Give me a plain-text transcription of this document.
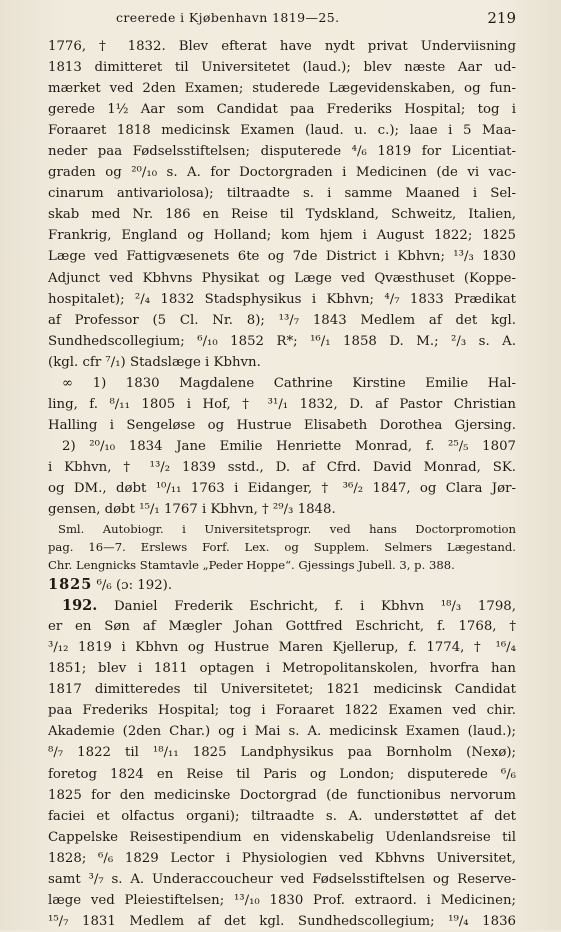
creerede i Kjøbenhavn 1819—25.	219
1776, † 1832. Blev efterat have nydt privat Underviisning
1813 dimitteret til Universitetet (laud.); blev næste Aar ud-
mærket ved 2den Examen; studerede Lægevidenskaben, og fun-
gerede 1½ Aar som Candidat paa Frederiks Hospital; tog i
Foraaret 1818 medicinsk Examen (laud. u. c.); laae i 5 Maa-
neder paa Fødselsstiftelsen; disputerede ⁴/₆ 1819 for Licentiat-
graden og ²⁰/₁₀ s. A. for Doctorgraden i Medicinen (de vi vac-
cinarum antivariolosa); tiltraadte s. i samme Maaned i Sel-
skab med Nr. 186 en Reise til Tydskland, Schweitz, Italien,
Frankrig, England og Holland; kom hjem i August 1822; 1825
Læge ved Fattigvæsenets 6te og 7de District i Kbhvn; ¹³/₃ 1830
Adjunct ved Kbhvns Physikat og Læge ved Qvæsthuset (Koppe-
hospitalet); ²/₄ 1832 Stadsphysikus i Kbhvn; ⁴/₇ 1833 Prædikat
af Professor (5 Cl. Nr. 8); ¹³/₇ 1843 Medlem af det kgl.
Sundhedscollegium; ⁶/₁₀ 1852 R*; ¹⁶/₁ 1858 D. M.; ²/₃ s. A.
(kgl. cfr ⁷/₁) Stadslæge i Kbhvn.
∞ 1) 1830 Magdalene Cathrine Kirstine Emilie Hal-
ling, f. ⁸/₁₁ 1805 i Hof, † ³¹/₁ 1832, D. af Pastor Christian
Halling i Sengeløse og Hustrue Elisabeth Dorothea Gjersing.
2) ²⁰/₁₀ 1834 Jane Emilie Henriette Monrad, f. ²⁵/₅ 1807
i Kbhvn, † ¹³/₂ 1839 sstd., D. af Cfrd. David Monrad, SK.
og DM., døbt ¹⁰/₁₁ 1763 i Eidanger, † ³⁶/₂ 1847, og Clara Jør-
gensen, døbt ¹⁵/₁ 1767 i Kbhvn, † ²⁹/₃ 1848.
Sml. Autobiogr. i Universitetsprogr. ved hans Doctorpromotion
pag. 16—7. Erslews Forf. Lex. og Supplem. Selmers Lægestand.
Chr. Lengnicks Stamtavle „Peder Hoppe“. Gjessings Jubell. 3, p. 388.
1825 ⁶/₆ (ɔ: 192).
192. Daniel Frederik Eschricht, f. i Kbhvn ¹⁸/₃ 1798,
er en Søn af Mægler Johan Gottfred Eschricht, f. 1768, †
³/₁₂ 1819 i Kbhvn og Hustrue Maren Kjellerup, f. 1774, † ¹⁶/₄
1851; blev i 1811 optagen i Metropolitanskolen, hvorfra han
1817 dimitteredes til Universitetet; 1821 medicinsk Candidat
paa Frederiks Hospital; tog i Foraaret 1822 Examen ved chir.
Akademie (2den Char.) og i Mai s. A. medicinsk Examen (laud.);
⁸/₇ 1822 til ¹⁸/₁₁ 1825 Landphysikus paa Bornholm (Nexø);
foretog 1824 en Reise til Paris og London; disputerede ⁶/₆
1825 for den medicinske Doctorgrad (de functionibus nervorum
faciei et olfactus organi); tiltraadte s. A. understøttet af det
Cappelske Reisestipendium en videnskabelig Udenlandsreise til
1828; ⁶/₆ 1829 Lector i Physiologien ved Kbhvns Universitet,
samt ³/₇ s. A. Underaccoucheur ved Fødselsstiftelsen og Reserve-
læge ved Pleiestiftelsen; ¹³/₁₀ 1830 Prof. extraord. i Medicinen;
¹⁵/₇ 1831 Medlem af det kgl. Sundhedscollegium; ¹⁹/₄ 1836
